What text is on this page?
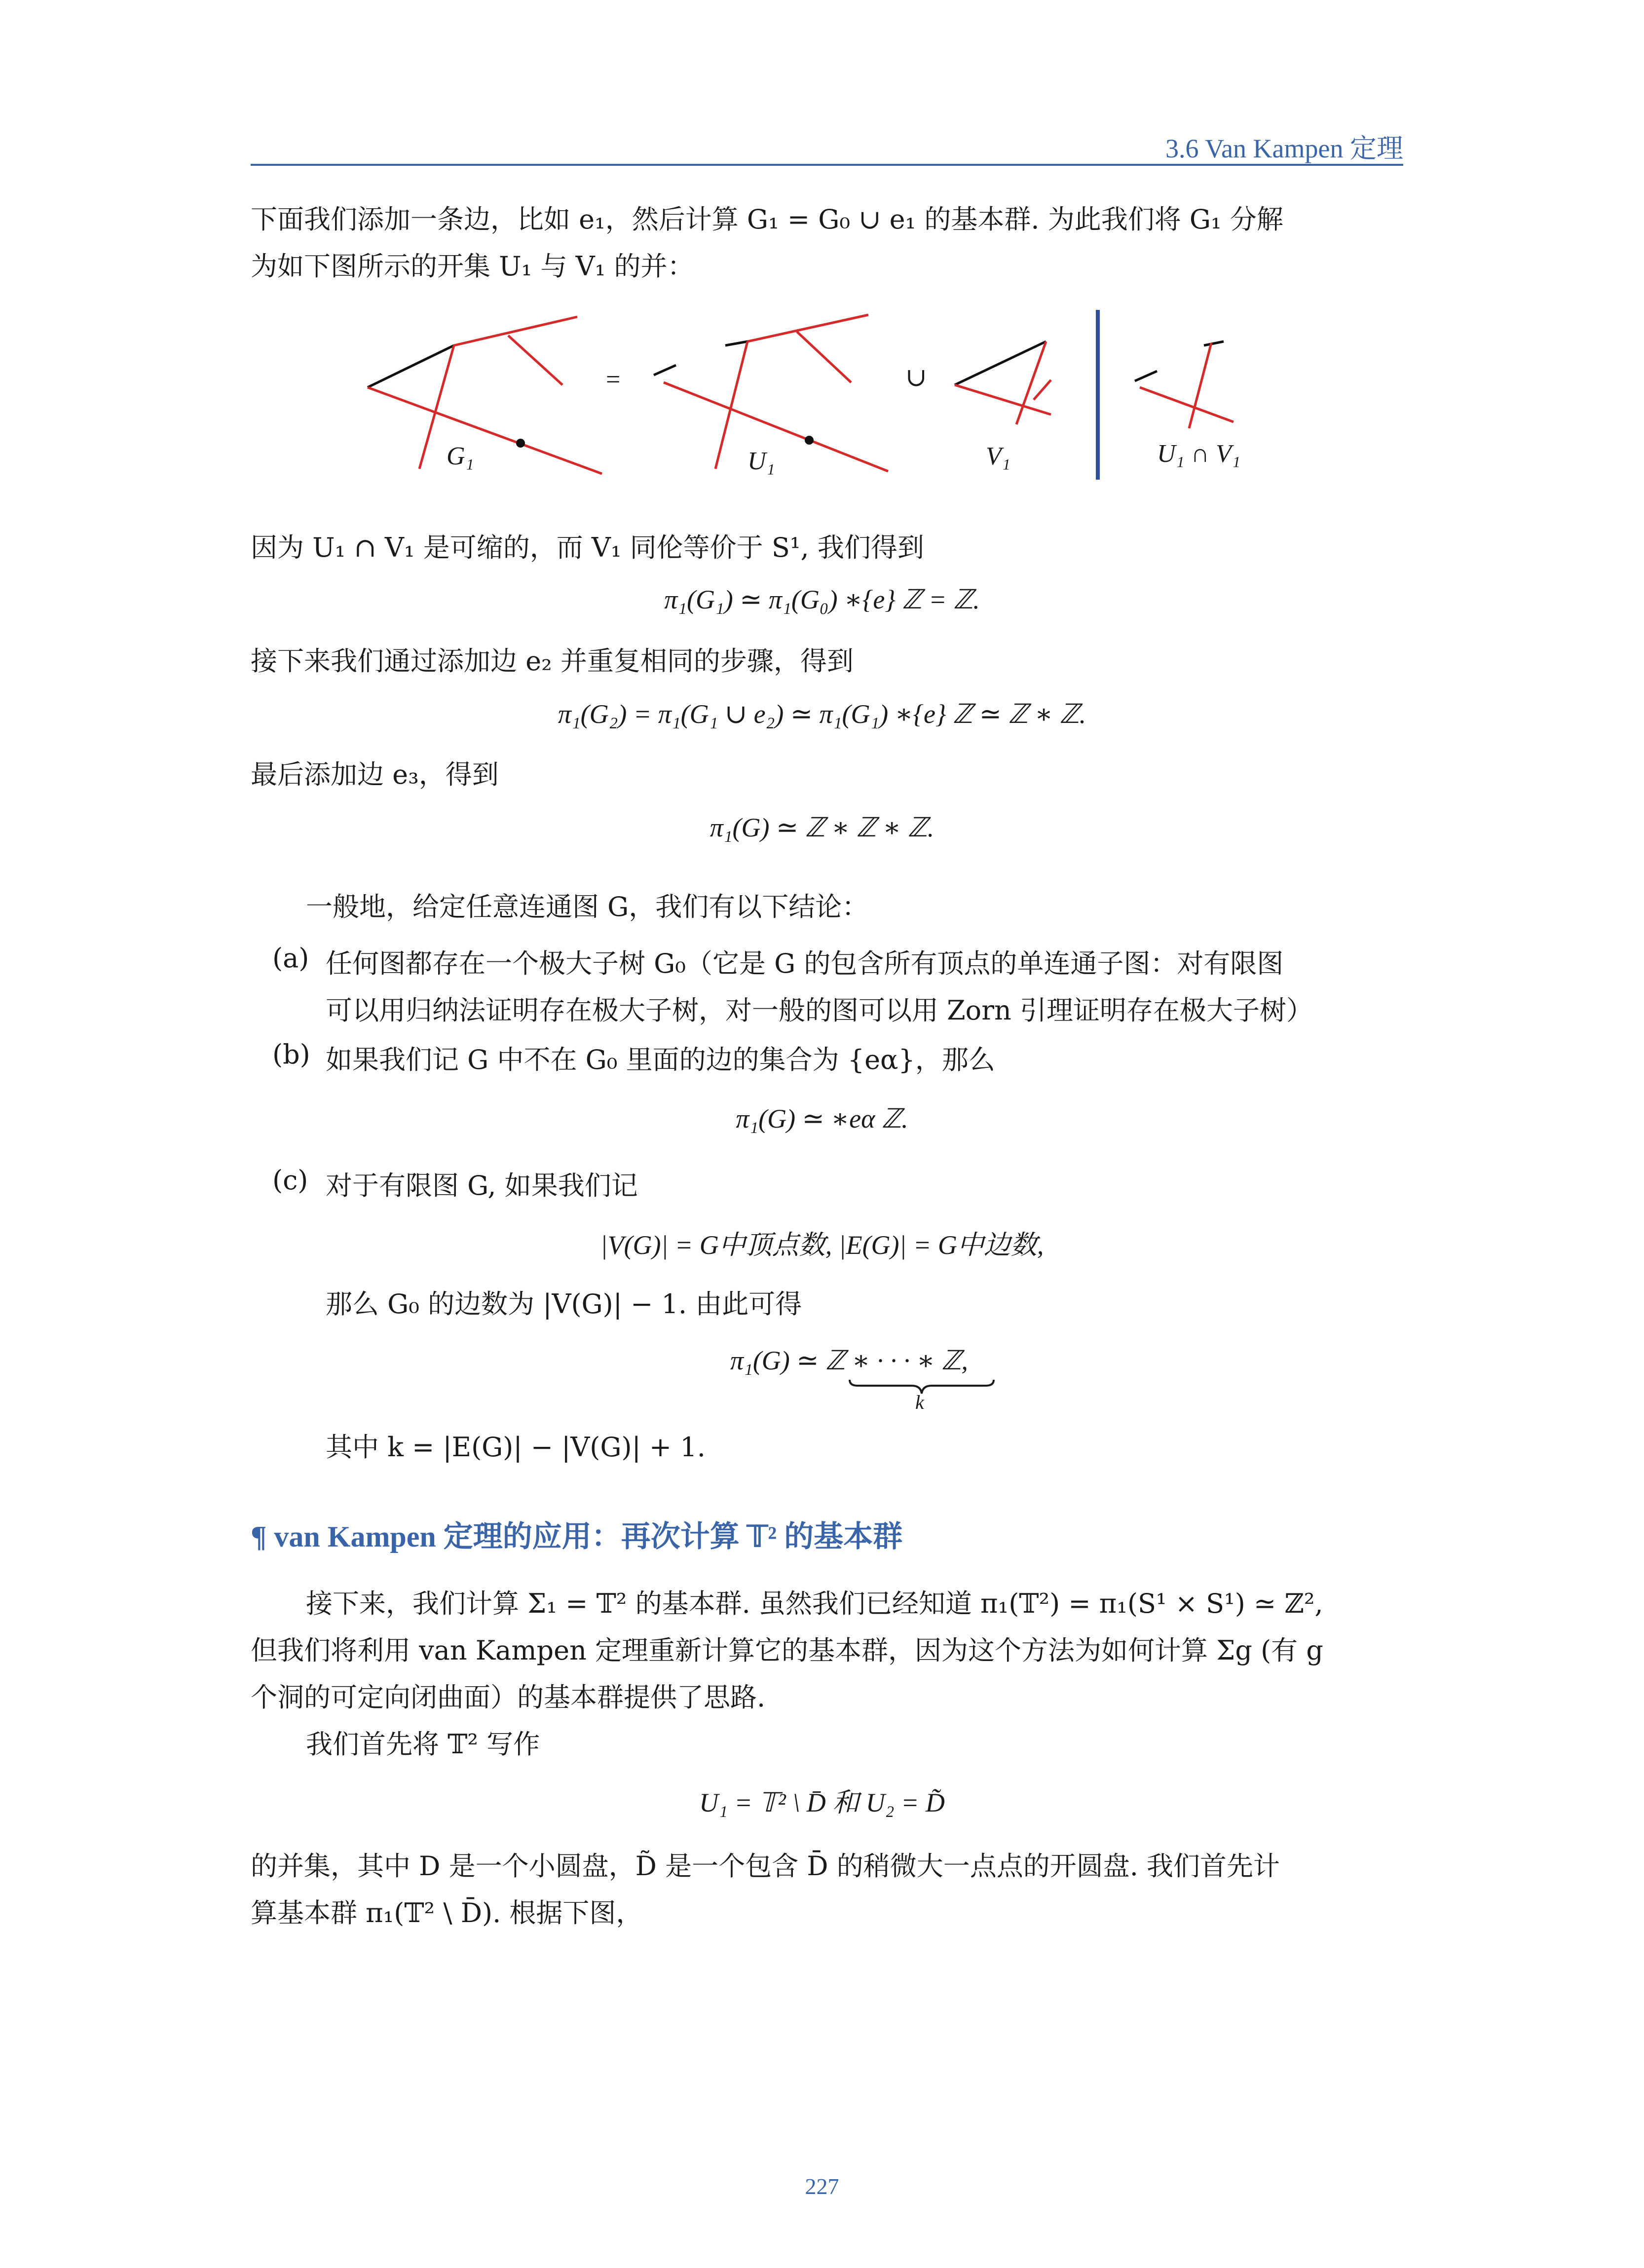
3.6 Van Kampen 定理
下面我们添加一条边，比如 e₁，然后计算 G₁ = G₀ ∪ e₁ 的基本群. 为此我们将 G₁ 分解
为如下图所示的开集 U₁ 与 V₁ 的并：
=	∪
G₁	U₁	V₁	U₁ ∩ V₁
因为 U₁ ∩ V₁ 是可缩的，而 V₁ 同伦等价于 S¹, 我们得到
π₁(G₁) ≃ π₁(G₀) ∗{e} ℤ = ℤ.
接下来我们通过添加边 e₂ 并重复相同的步骤，得到
π₁(G₂) = π₁(G₁ ∪ e₂) ≃ π₁(G₁) ∗{e} ℤ ≃ ℤ ∗ ℤ.
最后添加边 e₃，得到
π₁(G) ≃ ℤ ∗ ℤ ∗ ℤ.
一般地，给定任意连通图 G，我们有以下结论：
(a) 任何图都存在一个极大子树 G₀（它是 G 的包含所有顶点的单连通子图：对有限图
可以用归纳法证明存在极大子树，对一般的图可以用 Zorn 引理证明存在极大子树）
(b) 如果我们记 G 中不在 G₀ 里面的边的集合为 {eα}，那么
π₁(G) ≃ ∗eα ℤ.
(c) 对于有限图 G, 如果我们记
|V(G)| = G中顶点数, |E(G)| = G中边数,
那么 G₀ 的边数为 |V(G)| − 1. 由此可得
π₁(G) ≃ ℤ ∗ · · · ∗ ℤ,
k
其中 k = |E(G)| − |V(G)| + 1.
¶ van Kampen 定理的应用：再次计算 𝕋² 的基本群
接下来，我们计算 Σ₁ = 𝕋² 的基本群. 虽然我们已经知道 π₁(𝕋²) = π₁(S¹ × S¹) ≃ ℤ²,
但我们将利用 van Kampen 定理重新计算它的基本群，因为这个方法为如何计算 Σg (有 g
个洞的可定向闭曲面）的基本群提供了思路.
我们首先将 𝕋² 写作
U₁ = 𝕋² \ D̄ 和 U₂ = D̃
的并集，其中 D 是一个小圆盘，D̃ 是一个包含 D̄ 的稍微大一点点的开圆盘. 我们首先计
算基本群 π₁(𝕋² \ D̄). 根据下图，
227
